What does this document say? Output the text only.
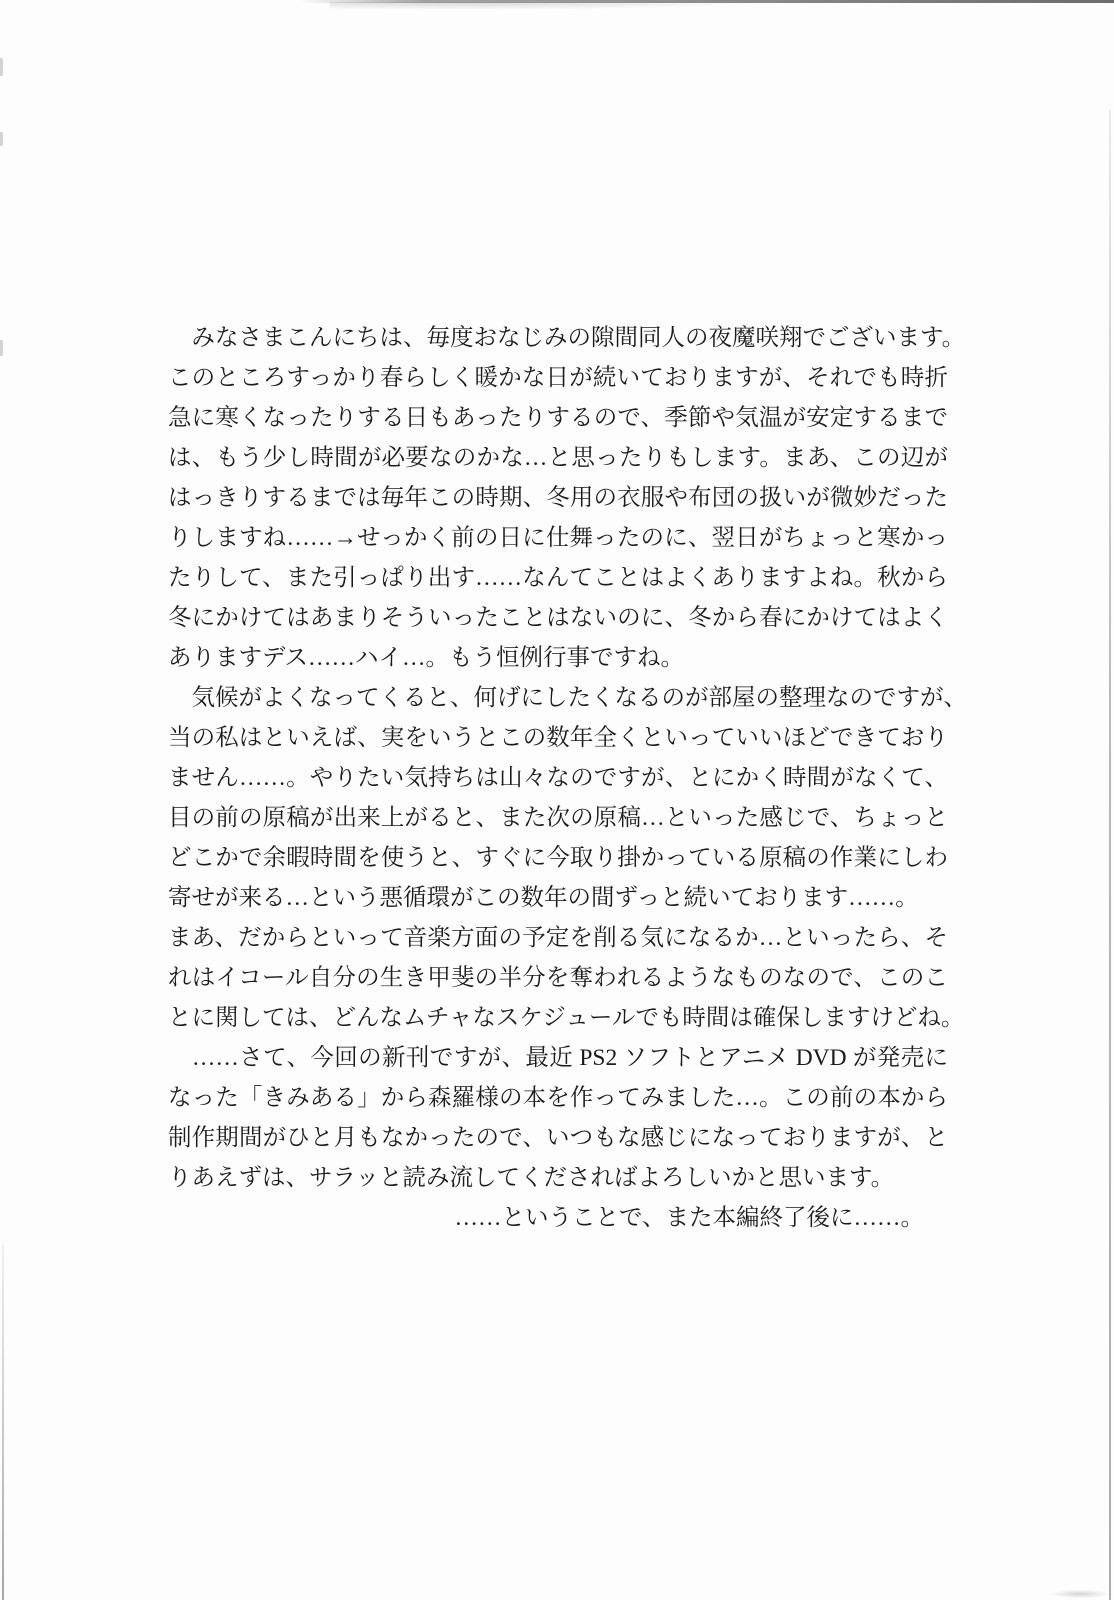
　みなさまこんにちは、毎度おなじみの隙間同人の夜魔咲翔でございます。

このところすっかり春らしく暖かな日が続いておりますが、それでも時折

急に寒くなったりする日もあったりするので、季節や気温が安定するまで

は、もう少し時間が必要なのかな…と思ったりもします。まあ、この辺が

はっきりするまでは毎年この時期、冬用の衣服や布団の扱いが微妙だった

りしますね……→せっかく前の日に仕舞ったのに、翌日がちょっと寒かっ

たりして、また引っぱり出す……なんてことはよくありますよね。秋から

冬にかけてはあまりそういったことはないのに、冬から春にかけてはよく

ありますデス……ハイ…。もう恒例行事ですね。

　気候がよくなってくると、何げにしたくなるのが部屋の整理なのですが、

当の私はといえば、実をいうとこの数年全くといっていいほどできており

ません……。やりたい気持ちは山々なのですが、とにかく時間がなくて、

目の前の原稿が出来上がると、また次の原稿…といった感じで、ちょっと

どこかで余暇時間を使うと、すぐに今取り掛かっている原稿の作業にしわ

寄せが来る…という悪循環がこの数年の間ずっと続いております……。

まあ、だからといって音楽方面の予定を削る気になるか…といったら、そ

れはイコール自分の生き甲斐の半分を奪われるようなものなので、このこ

とに関しては、どんなムチャなスケジュールでも時間は確保しますけどね。

　……さて、今回の新刊ですが、最近 PS2 ソフトとアニメ DVD が発売に

なった「きみある」から森羅様の本を作ってみました…。この前の本から

制作期間がひと月もなかったので、いつもな感じになっておりますが、と

りあえずは、サラッと読み流してくださればよろしいかと思います。

……ということで、また本編終了後に……。
